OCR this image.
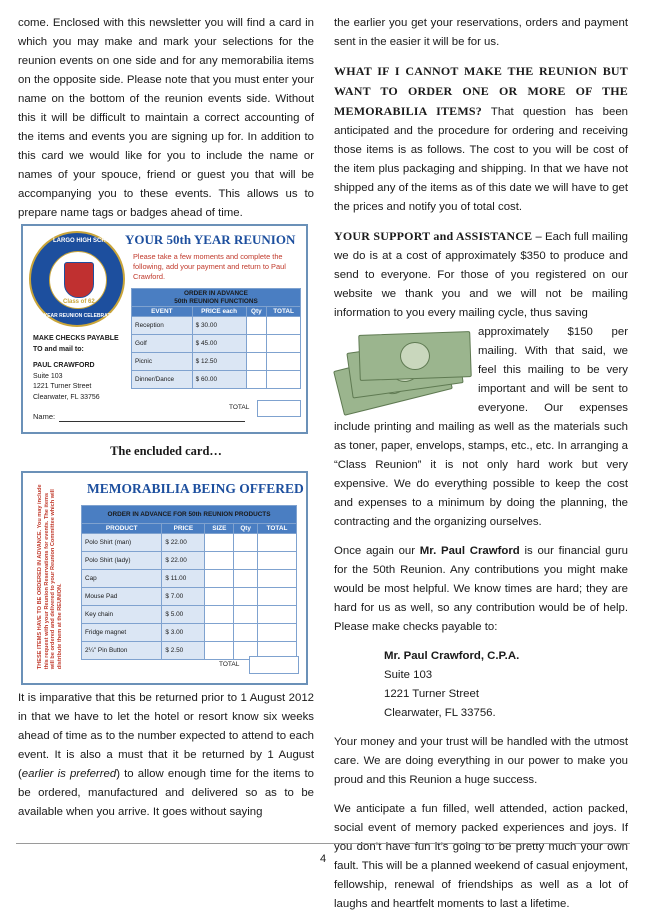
come. Enclosed with this newsletter you will find a card in which you may make and mark your selections for the reunion events on one side and for any memorabilia items on the opposite side. Please note that you must enter your name on the bottom of the reunion events side. Without this it will be difficult to maintain a correct accounting of the items and events you are signing up for. In addition to this card we would like for you to include the name or names of your spouce, friend or guest you that will be accompanying you to these events. This allows us to prepare name tags or badges ahead of time.

LARGO HIGH SCHOOL
Class of 62
50 YEAR REUNION CELEBRATION
YOUR 50th YEAR REUNION
Please take a few moments and complete the following, add your payment and return to Paul Crawford.
ORDER IN ADVANCE
50th REUNION FUNCTIONS			

EVENT	PRICE each	Qty	TOTAL
Reception	$ 30.00		
Golf	$ 45.00		
Picnic	$ 12.50		
Dinner/Dance	$ 60.00		
TOTAL
MAKE CHECKS PAYABLE
TO and mail to:
PAUL CRAWFORD
Suite 103
1221 Turner Street
Clearwater, FL 33756
Name:
The encluded card…
THESE ITEMS HAVE TO BE ORDERED IN ADVANCE. You may include this request with your Reunion Reservations for events. The items will be ordered and delivered to your Reunion Committee which will distribute them at the REUNION.
MEMORABILIA BEING OFFERED
ORDER IN ADVANCE FOR 50th REUNION PRODUCTS				
PRODUCT	PRICE	SIZE	Qty	TOTAL
Polo Shirt (man)	$ 22.00			
Polo Shirt (lady)	$ 22.00			
Cap	$ 11.00			
Mouse Pad	$ 7.00			
Key chain	$ 5.00			
Fridge magnet	$ 3.00			
2¼" Pin Button	$ 2.50			
TOTAL

It is imparative that this be returned prior to 1 August 2012 in that we have to let the hotel or resort know six weeks ahead of time as to the number expected to attend to each event. It is also a must that it be returned by 1 August (earlier is preferred) to allow enough time for the items to be ordered, manufactured and delivered so as to be available when you arrive. It goes without saying

the earlier you get your reservations, orders and payment sent in the easier it will be for us.

WHAT IF I CANNOT MAKE THE REUNION BUT WANT TO ORDER ONE OR MORE OF THE MEMORABILIA ITEMS? That question has been anticipated and the procedure for ordering and receiving those items is as follows. The cost to you will be cost of the item plus packaging and shipping. In that we have not shipped any of the items as of this date we will have to get the prices and notify you of total cost.

YOUR SUPPORT and ASSISTANCE – Each full mailing we do is at a cost of approximately $350 to produce and send to everyone. For those of you registered on our website we thank you and we will not be mailing information to you every mailing cycle, thus saving

approximately $150 per
mailing. With that said, we
feel this mailing to be very
important and will be sent to
everyone. Our expenses

include printing and mailing as well as the materials such as toner, paper, envelops, stamps, etc., etc. In arranging a “Class Reunion” it is not only hard work but very expensive. We do everything possible to keep the cost and expenses to a minimum by doing the planning, the contracting and the organizing ourselves.

Once again our Mr. Paul Crawford is our financial guru for the 50th Reunion. Any contributions you might make would be most helpful. We know times are hard; they are hard for us as well, so any contribution would be of help. Please make checks payable to:

Mr. Paul Crawford, C.P.A.
Suite 103
1221 Turner Street
Clearwater, FL 33756.

Your money and your trust will be handled with the utmost care. We are doing everything in our power to make you proud and this Reunion a huge success.

We anticipate a fun filled, well attended, action packed, social event of memory packed experiences and joys. If you don’t have fun it’s going to be pretty much your own fault. This will be a planned weekend of casual enjoyment, fellowship, renewal of friendships as well as a lot of laughs and heartfelt moments to last a lifetime.

4
